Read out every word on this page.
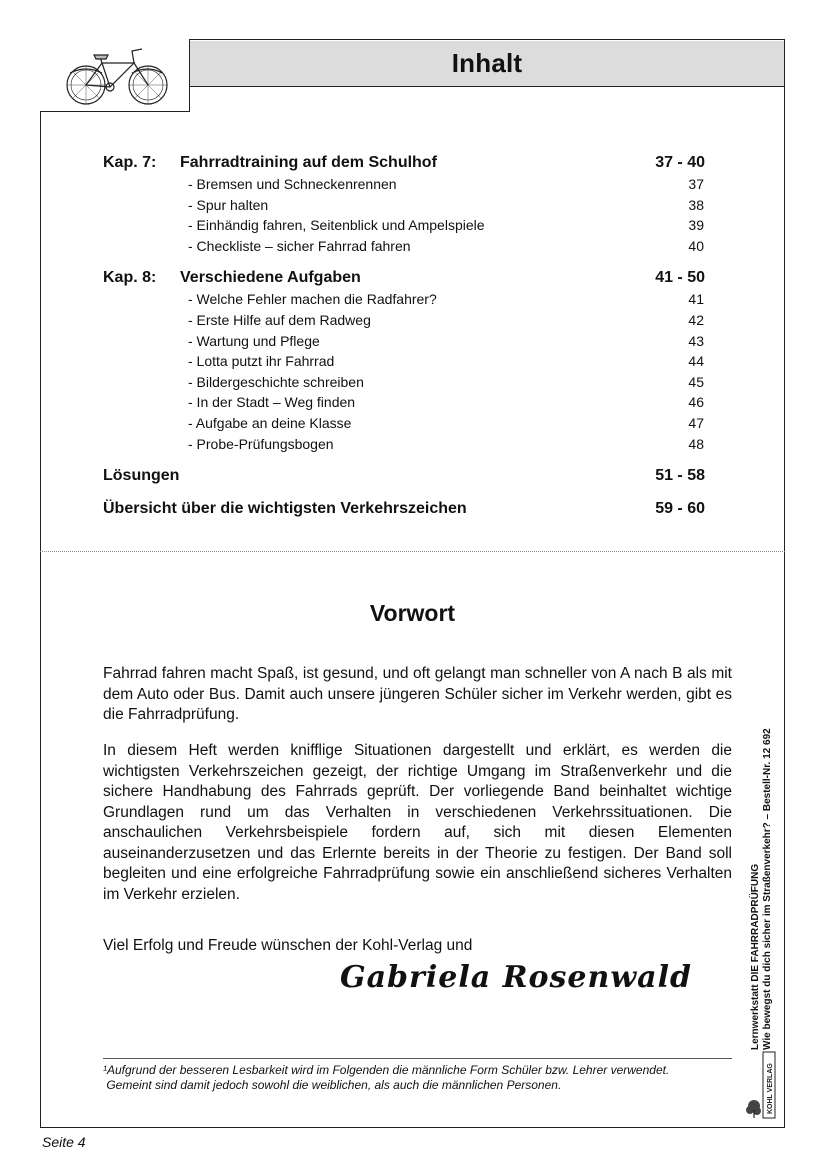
Inhalt
Kap. 7: Fahrradtraining auf dem Schulhof	37 - 40
- Bremsen und Schneckenrennen	37
- Spur halten	38
- Einhändig fahren, Seitenblick und Ampelspiele	39
- Checkliste – sicher Fahrrad fahren	40
Kap. 8: Verschiedene Aufgaben	41 - 50
- Welche Fehler machen die Radfahrer?	41
- Erste Hilfe auf dem Radweg	42
- Wartung und Pflege	43
- Lotta putzt ihr Fahrrad	44
- Bildergeschichte schreiben	45
- In der Stadt – Weg finden	46
- Aufgabe an deine Klasse	47
- Probe-Prüfungsbogen	48
Lösungen	51 - 58
Übersicht über die wichtigsten Verkehrszeichen	59 - 60
Vorwort

Fahrrad fahren macht Spaß, ist gesund, und oft gelangt man schneller von A nach B als mit dem Auto oder Bus. Damit auch unsere jüngeren Schüler sicher im Verkehr werden, gibt es die Fahrradprüfung.

In diesem Heft werden knifflige Situationen dargestellt und erklärt, es werden die wichtigsten Verkehrszeichen gezeigt, der richtige Umgang im Straßenverkehr und die sichere Handhabung des Fahrrads geprüft. Der vorliegende Band beinhaltet wichtige Grundlagen rund um das Verhalten in verschiedenen Verkehrssituationen. Die anschaulichen Verkehrsbeispiele fordern auf, sich mit diesen Elementen auseinanderzusetzen und das Erlernte bereits in der Theorie zu festigen. Der Band soll begleiten und eine erfolgreiche Fahrradprüfung sowie ein anschließend sicheres Verhalten im Verkehr erzielen.

Viel Erfolg und Freude wünschen der Kohl-Verlag und
Gabriela Rosenwald

¹Aufgrund der besseren Lesbarkeit wird im Folgenden die männliche Form Schüler bzw. Lehrer verwendet.
Gemeint sind damit jedoch sowohl die weiblichen, als auch die männlichen Personen.

Lernwerkstatt DIE FAHRRADPRÜFUNG Wie bewegst du dich sicher im Straßenverkehr? – Bestell-Nr. 12 692
KOHL VERLAG
Seite 4
